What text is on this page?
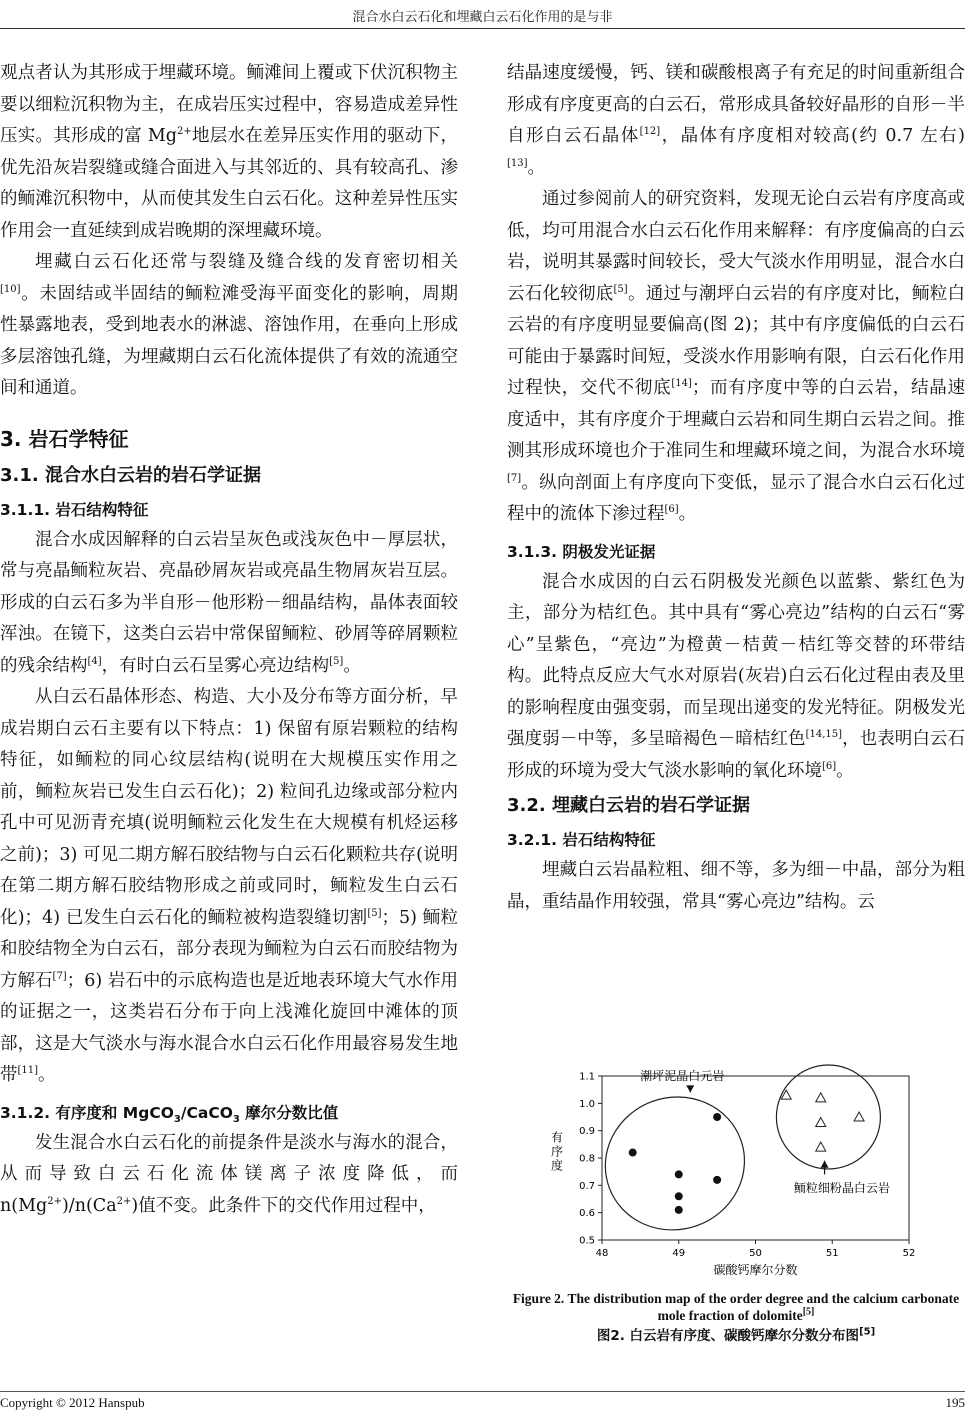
混合水白云石化和埋藏白云石化作用的是与非

观点者认为其形成于埋藏环境。鲕滩间上覆或下伏沉积物主要以细粒沉积物为主，在成岩压实过程中，容易造成差异性压实。其形成的富 $Mg^{2+}$地层水在差异压实作用的驱动下，优先沿灰岩裂缝或缝合面进入与其邻近的、具有较高孔、渗的鲕滩沉积物中，从而使其发生白云石化。这种差异性压实作用会一直延续到成岩晚期的深埋藏环境。

埋藏白云石化还常与裂缝及缝合线的发育密切相关[10]。未固结或半固结的鲕粒滩受海平面变化的影响，周期性暴露地表，受到地表水的淋滤、溶蚀作用，在垂向上形成多层溶蚀孔缝，为埋藏期白云石化流体提供了有效的流通空间和通道。

3. 岩石学特征
3.1. 混合水白云岩的岩石学证据
3.1.1. 岩石结构特征

混合水成因解释的白云岩呈灰色或浅灰色中－厚层状，常与亮晶鲕粒灰岩、亮晶砂屑灰岩或亮晶生物屑灰岩互层。形成的白云石多为半自形－他形粉－细晶结构，晶体表面较浑浊。在镜下，这类白云岩中常保留鲕粒、砂屑等碎屑颗粒的残余结构[4]，有时白云石呈雾心亮边结构[5]。

从白云石晶体形态、构造、大小及分布等方面分析，早成岩期白云石主要有以下特点：1) 保留有原岩颗粒的结构特征，如鲕粒的同心纹层结构(说明在大规模压实作用之前，鲕粒灰岩已发生白云石化)；2) 粒间孔边缘或部分粒内孔中可见沥青充填(说明鲕粒云化发生在大规模有机烃运移之前)；3) 可见二期方解石胶结物与白云石化颗粒共存(说明在第二期方解石胶结物形成之前或同时，鲕粒发生白云石化)；4) 已发生白云石化的鲕粒被构造裂缝切割[5]；5) 鲕粒和胶结物全为白云石，部分表现为鲕粒为白云石而胶结物为方解石[7]；6) 岩石中的示底构造也是近地表环境大气水作用的证据之一，这类岩石分布于向上浅滩化旋回中滩体的顶部，这是大气淡水与海水混合水白云石化作用最容易发生地带[11]。

3.1.2. 有序度和 MgCO$_3$/CaCO$_3$ 摩尔分数比值

发生混合水白云石化的前提条件是淡水与海水的混合，从而导致白云石化流体镁离子浓度降低，而 $n(Mg^{2+})/n(Ca^{2+})$值不变。此条件下的交代作用过程中，

结晶速度缓慢，钙、镁和碳酸根离子有充足的时间重新组合形成有序度更高的白云石，常形成具备较好晶形的自形－半自形白云石晶体[12]，晶体有序度相对较高(约 0.7 左右)[13]。

通过参阅前人的研究资料，发现无论白云岩有序度高或低，均可用混合水白云石化作用来解释：有序度偏高的白云岩，说明其暴露时间较长，受大气淡水作用明显，混合水白云石化较彻底[5]。通过与潮坪白云岩的有序度对比，鲕粒白云岩的有序度明显要偏高(图 2)；其中有序度偏低的白云石可能由于暴露时间短，受淡水作用影响有限，白云石化作用过程快，交代不彻底[14]；而有序度中等的白云岩，结晶速度适中，其有序度介于埋藏白云岩和同生期白云岩之间。推测其形成环境也介于准同生和埋藏环境之间，为混合水环境[7]。纵向剖面上有序度向下变低，显示了混合水白云石化过程中的流体下渗过程[6]。

3.1.3. 阴极发光证据

混合水成因的白云石阴极发光颜色以蓝紫、紫红色为主，部分为桔红色。其中具有“雾心亮边”结构的白云石“雾心”呈紫色，“亮边”为橙黄－桔黄－桔红等交替的环带结构。此特点反应大气水对原岩(灰岩)白云石化过程由表及里的影响程度由强变弱，而呈现出递变的发光特征。阴极发光强度弱－中等，多呈暗褐色－暗桔红色[14,15]，也表明白云石形成的环境为受大气淡水影响的氧化环境[6]。

3.2. 埋藏白云岩的岩石学证据
3.2.1. 岩石结构特征

埋藏白云岩晶粒粗、细不等，多为细－中晶，部分为粗晶，重结晶作用较强，常具“雾心亮边”结构。云

48	49	50	51	52
0.5
0.6
0.7
0.8
0.9
1.0
1.1
碳酸钙摩尔分数
有序度
潮坪泥晶白元岩
鲕粒细粉晶白云岩
Figure 2. The distribution map of the order degree and the calcium carbonate mole fraction of dolomite[5]
图2. 白云岩有序度、碳酸钙摩尔分数分布图[5]
Copyright © 2012 Hanspub	195
